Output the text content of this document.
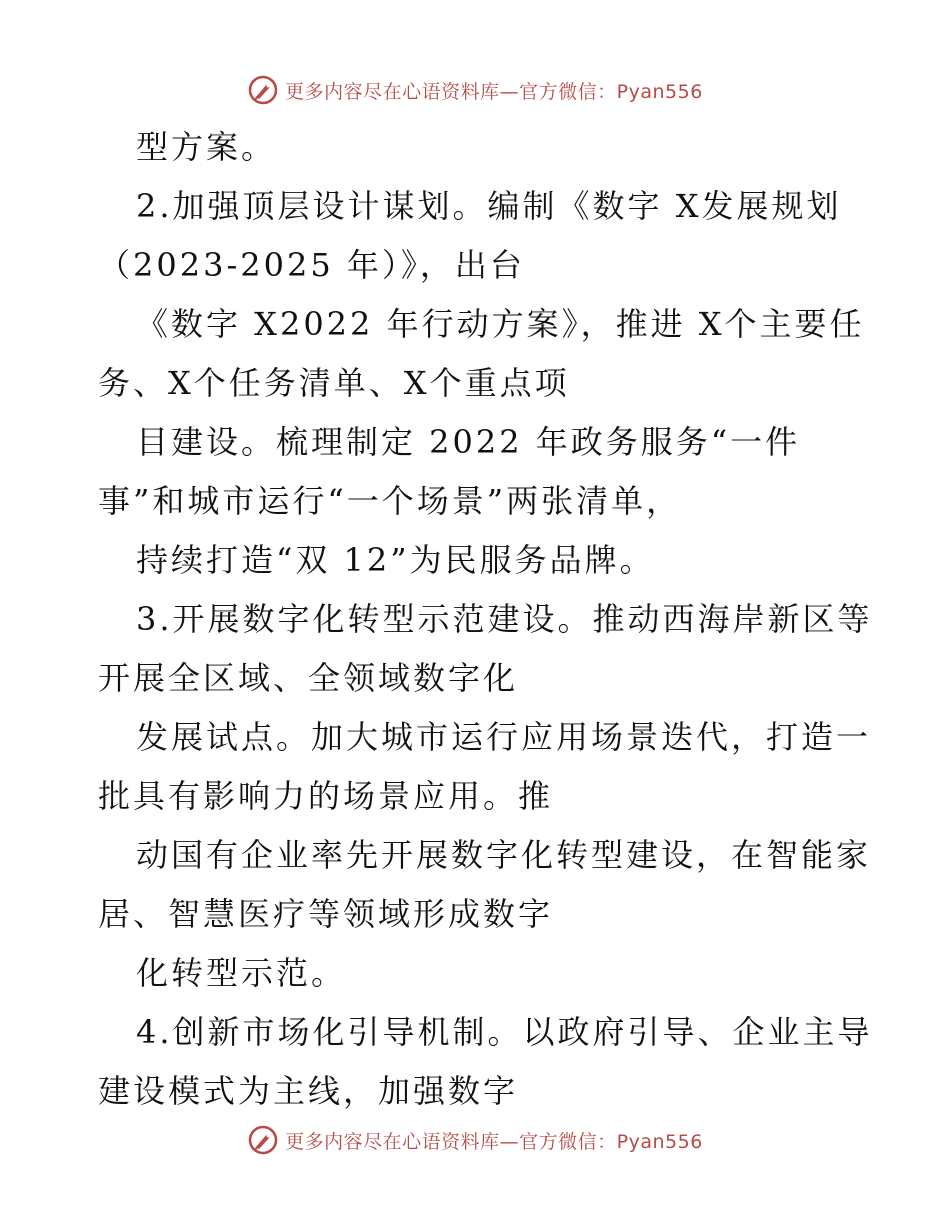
更多内容尽在心语资料库—官方微信：Pyan556
型方案。
2.加强顶层设计谋划。编制《数字 X发展规划
（2023-2025 年）》，出台
《数字 X2022 年行动方案》，推进 X个主要任
务、X个任务清单、X个重点项
目建设。梳理制定 2022 年政务服务“一件
事”和城市运行“一个场景”两张清单，
持续打造“双 12”为民服务品牌。
3.开展数字化转型示范建设。推动西海岸新区等
开展全区域、全领域数字化
发展试点。加大城市运行应用场景迭代，打造一
批具有影响力的场景应用。推
动国有企业率先开展数字化转型建设，在智能家
居、智慧医疗等领域形成数字
化转型示范。
4.创新市场化引导机制。以政府引导、企业主导
建设模式为主线，加强数字
更多内容尽在心语资料库—官方微信：Pyan556
